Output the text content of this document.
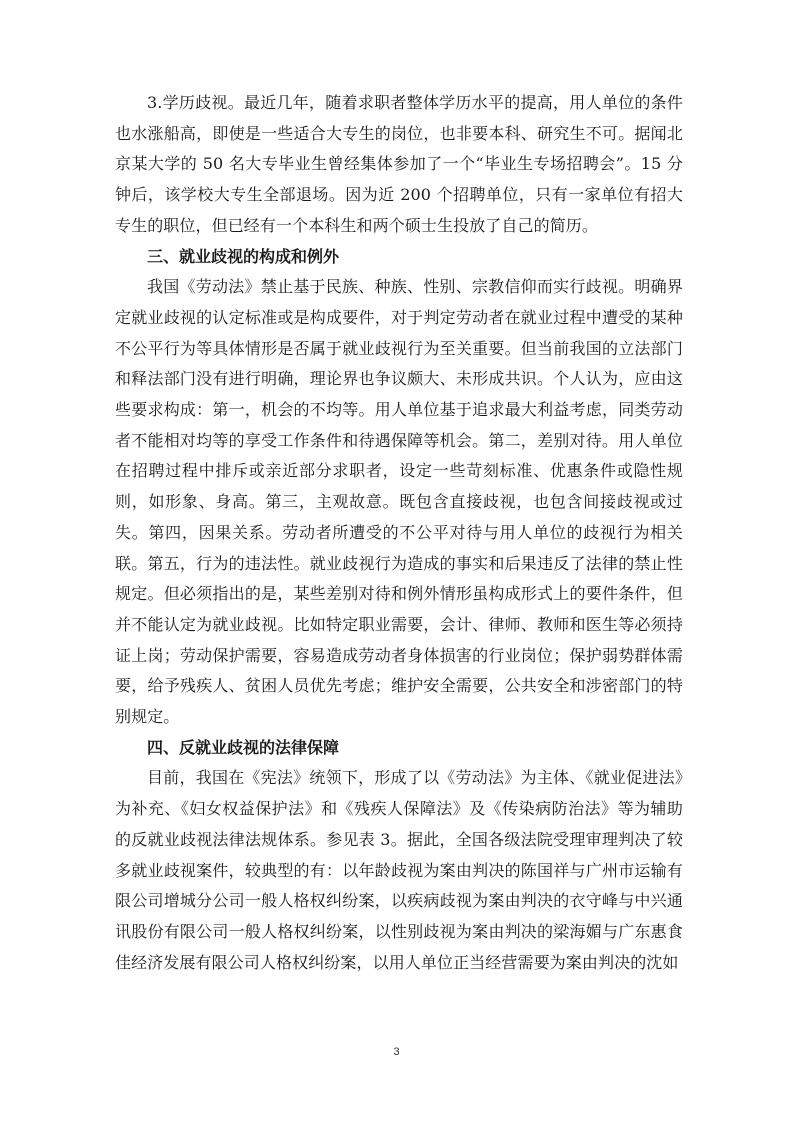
3.学历歧视。最近几年，随着求职者整体学历水平的提高，用人单位的条件也水涨船高，即使是一些适合大专生的岗位，也非要本科、研究生不可。据闻北京某大学的 50 名大专毕业生曾经集体参加了一个“毕业生专场招聘会”。15 分钟后，该学校大专生全部退场。因为近 200 个招聘单位，只有一家单位有招大专生的职位，但已经有一个本科生和两个硕士生投放了自己的简历。

三、就业歧视的构成和例外

我国《劳动法》禁止基于民族、种族、性别、宗教信仰而实行歧视。明确界定就业歧视的认定标准或是构成要件，对于判定劳动者在就业过程中遭受的某种不公平行为等具体情形是否属于就业歧视行为至关重要。但当前我国的立法部门和释法部门没有进行明确，理论界也争议颇大、未形成共识。个人认为，应由这些要求构成：第一，机会的不均等。用人单位基于追求最大利益考虑，同类劳动者不能相对均等的享受工作条件和待遇保障等机会。第二，差别对待。用人单位在招聘过程中排斥或亲近部分求职者，设定一些苛刻标准、优惠条件或隐性规则，如形象、身高。第三，主观故意。既包含直接歧视，也包含间接歧视或过失。第四，因果关系。劳动者所遭受的不公平对待与用人单位的歧视行为相关联。第五，行为的违法性。就业歧视行为造成的事实和后果违反了法律的禁止性规定。但必须指出的是，某些差别对待和例外情形虽构成形式上的要件条件，但并不能认定为就业歧视。比如特定职业需要，会计、律师、教师和医生等必须持证上岗；劳动保护需要，容易造成劳动者身体损害的行业岗位；保护弱势群体需要，给予残疾人、贫困人员优先考虑；维护安全需要，公共安全和涉密部门的特别规定。

四、反就业歧视的法律保障

目前，我国在《宪法》统领下，形成了以《劳动法》为主体、《就业促进法》为补充、《妇女权益保护法》和《残疾人保障法》及《传染病防治法》等为辅助的反就业歧视法律法规体系。参见表 3。据此，全国各级法院受理审理判决了较多就业歧视案件，较典型的有：以年龄歧视为案由判决的陈国祥与广州市运输有限公司增城分公司一般人格权纠纷案，以疾病歧视为案由判决的衣守峰与中兴通讯股份有限公司一般人格权纠纷案，以性别歧视为案由判决的梁海媚与广东惠食佳经济发展有限公司人格权纠纷案，以用人单位正当经营需要为案由判决的沈如

3
